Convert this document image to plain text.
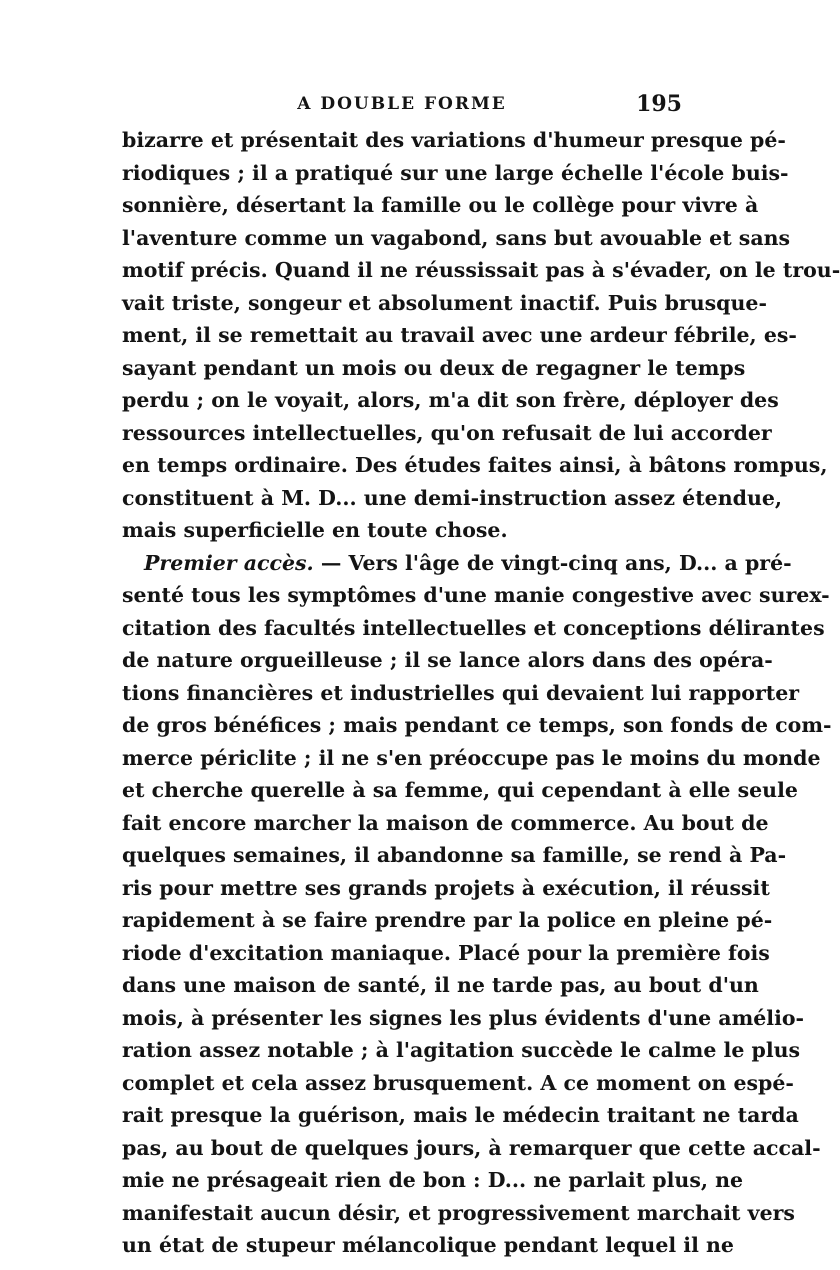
A DOUBLE FORME	195
bizarre et présentait des variations d'humeur presque pé-
riodiques ; il a pratiqué sur une large échelle l'école buis-
sonnière, désertant la famille ou le collège pour vivre à
l'aventure comme un vagabond, sans but avouable et sans
motif précis. Quand il ne réussissait pas à s'évader, on le trou-
vait triste, songeur et absolument inactif. Puis brusque-
ment, il se remettait au travail avec une ardeur fébrile, es-
sayant pendant un mois ou deux de regagner le temps
perdu ; on le voyait, alors, m'a dit son frère, déployer des
ressources intellectuelles, qu'on refusait de lui accorder
en temps ordinaire. Des études faites ainsi, à bâtons rompus,
constituent à M. D... une demi-instruction assez étendue,
mais superficielle en toute chose.
Premier accès. — Vers l'âge de vingt-cinq ans, D... a pré-
senté tous les symptômes d'une manie congestive avec surex-
citation des facultés intellectuelles et conceptions délirantes
de nature orgueilleuse ; il se lance alors dans des opéra-
tions financières et industrielles qui devaient lui rapporter
de gros bénéfices ; mais pendant ce temps, son fonds de com-
merce périclite ; il ne s'en préoccupe pas le moins du monde
et cherche querelle à sa femme, qui cependant à elle seule
fait encore marcher la maison de commerce. Au bout de
quelques semaines, il abandonne sa famille, se rend à Pa-
ris pour mettre ses grands projets à exécution, il réussit
rapidement à se faire prendre par la police en pleine pé-
riode d'excitation maniaque. Placé pour la première fois
dans une maison de santé, il ne tarde pas, au bout d'un
mois, à présenter les signes les plus évidents d'une amélio-
ration assez notable ; à l'agitation succède le calme le plus
complet et cela assez brusquement. A ce moment on espé-
rait presque la guérison, mais le médecin traitant ne tarda
pas, au bout de quelques jours, à remarquer que cette accal-
mie ne présageait rien de bon : D... ne parlait plus, ne
manifestait aucun désir, et progressivement marchait vers
un état de stupeur mélancolique pendant lequel il ne
